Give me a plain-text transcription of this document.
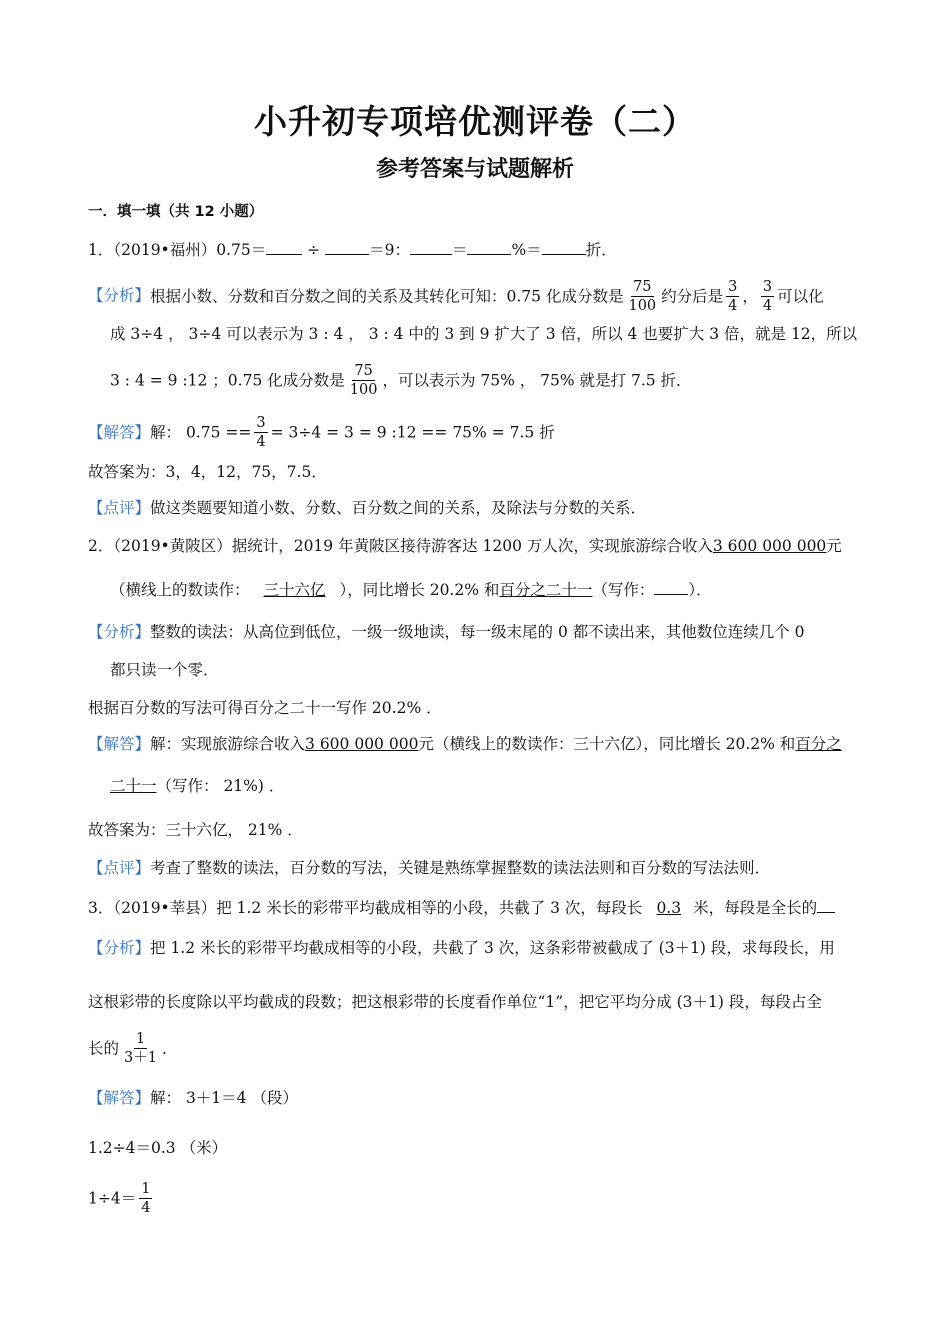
小升初专项培优测评卷（二）
参考答案与试题解析
一．填一填（共 12 小题）
1．（2019•福州）0.75＝	÷	＝9：	＝	%＝	折．
【分析】根据小数、分数和百分数之间的关系及其转化可知：0.75 化成分数是 $\frac{75}{100}$ 约分后是 $\frac{3}{4}$ ， $\frac{3}{4}$ 可以化
成 3÷4 ， 3÷4 可以表示为 3 : 4 ， 3 : 4 中的 3 到 9 扩大了 3 倍，所以 4 也要扩大 3 倍，就是 12，所以
3 : 4 = 9 :12 ；0.75 化成分数是 $\frac{75}{100}$ ，可以表示为 75% ， 75% 就是打 7.5 折．
【解答】解： $0.75 == \frac{3}{4} = 3\div 4 = 3 = 9$ :12 == 75% = 7.5 折
故答案为：3，4，12，75，7.5．
【点评】做这类题要知道小数、分数、百分数之间的关系，及除法与分数的关系．
2．（2019•黄陂区）据统计，2019 年黄陂区接待游客达 1200 万人次，实现旅游综合收入3 600 000 000元
（横线上的数读作： 三十六亿 ），同比增长 20.2% 和百分之二十一（写作： ）．
【分析】整数的读法：从高位到低位，一级一级地读，每一级末尾的 0 都不读出来，其他数位连续几个 0
都只读一个零．
根据百分数的写法可得百分之二十一写作 20.2% ．
【解答】解：实现旅游综合收入3 600 000 000元（横线上的数读作：三十六亿），同比增长 20.2% 和百分之
二十一（写作： 21%) ．
故答案为：三十六亿， 21% ．
【点评】考查了整数的读法，百分数的写法，关键是熟练掌握整数的读法法则和百分数的写法法则．
3．（2019•莘县）把 1.2 米长的彩带平均截成相等的小段，共截了 3 次，每段长 0.3 米，每段是全长的
【分析】把 1.2 米长的彩带平均截成相等的小段，共截了 3 次，这条彩带被截成了 (3＋1) 段，求每段长，用
这根彩带的长度除以平均截成的段数；把这根彩带的长度看作单位“1”，把它平均分成 (3＋1) 段，每段占全
长的 $\frac{1}{3+1}$ ．
【解答】解： 3＋1＝4 （段）
1.2÷4＝0.3 （米）
$1\div 4= \frac{1}{4}$
